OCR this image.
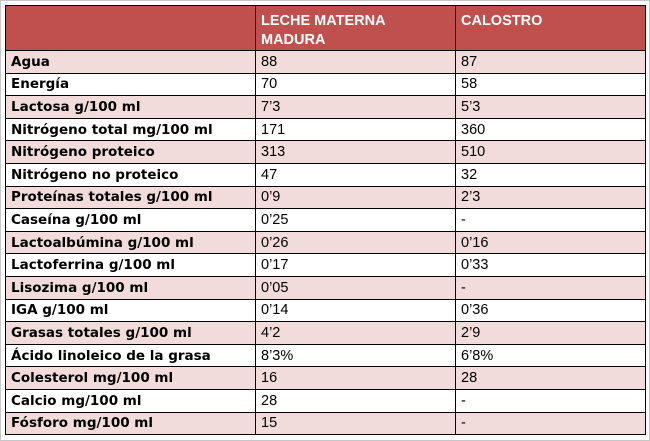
	LECHE MATERNA MADURA	CALOSTRO
Agua	88	87
Energía	70	58
Lactosa g/100 ml	7’3	5’3
Nitrógeno total mg/100 ml	171	360
Nitrógeno proteico	313	510
Nitrógeno no proteico	47	32
Proteínas totales g/100 ml	0’9	2’3
Caseína g/100 ml	0’25	-
Lactoalbúmina g/100 ml	0’26	0’16
Lactoferrina g/100 ml	0’17	0’33
Lisozima g/100 ml	0’05	-
IGA g/100 ml	0’14	0’36
Grasas totales g/100 ml	4’2	2’9
Ácido linoleico de la grasa	8’3%	6’8%
Colesterol mg/100 ml	16	28
Calcio mg/100 ml	28	-
Fósforo mg/100 ml	15	-
